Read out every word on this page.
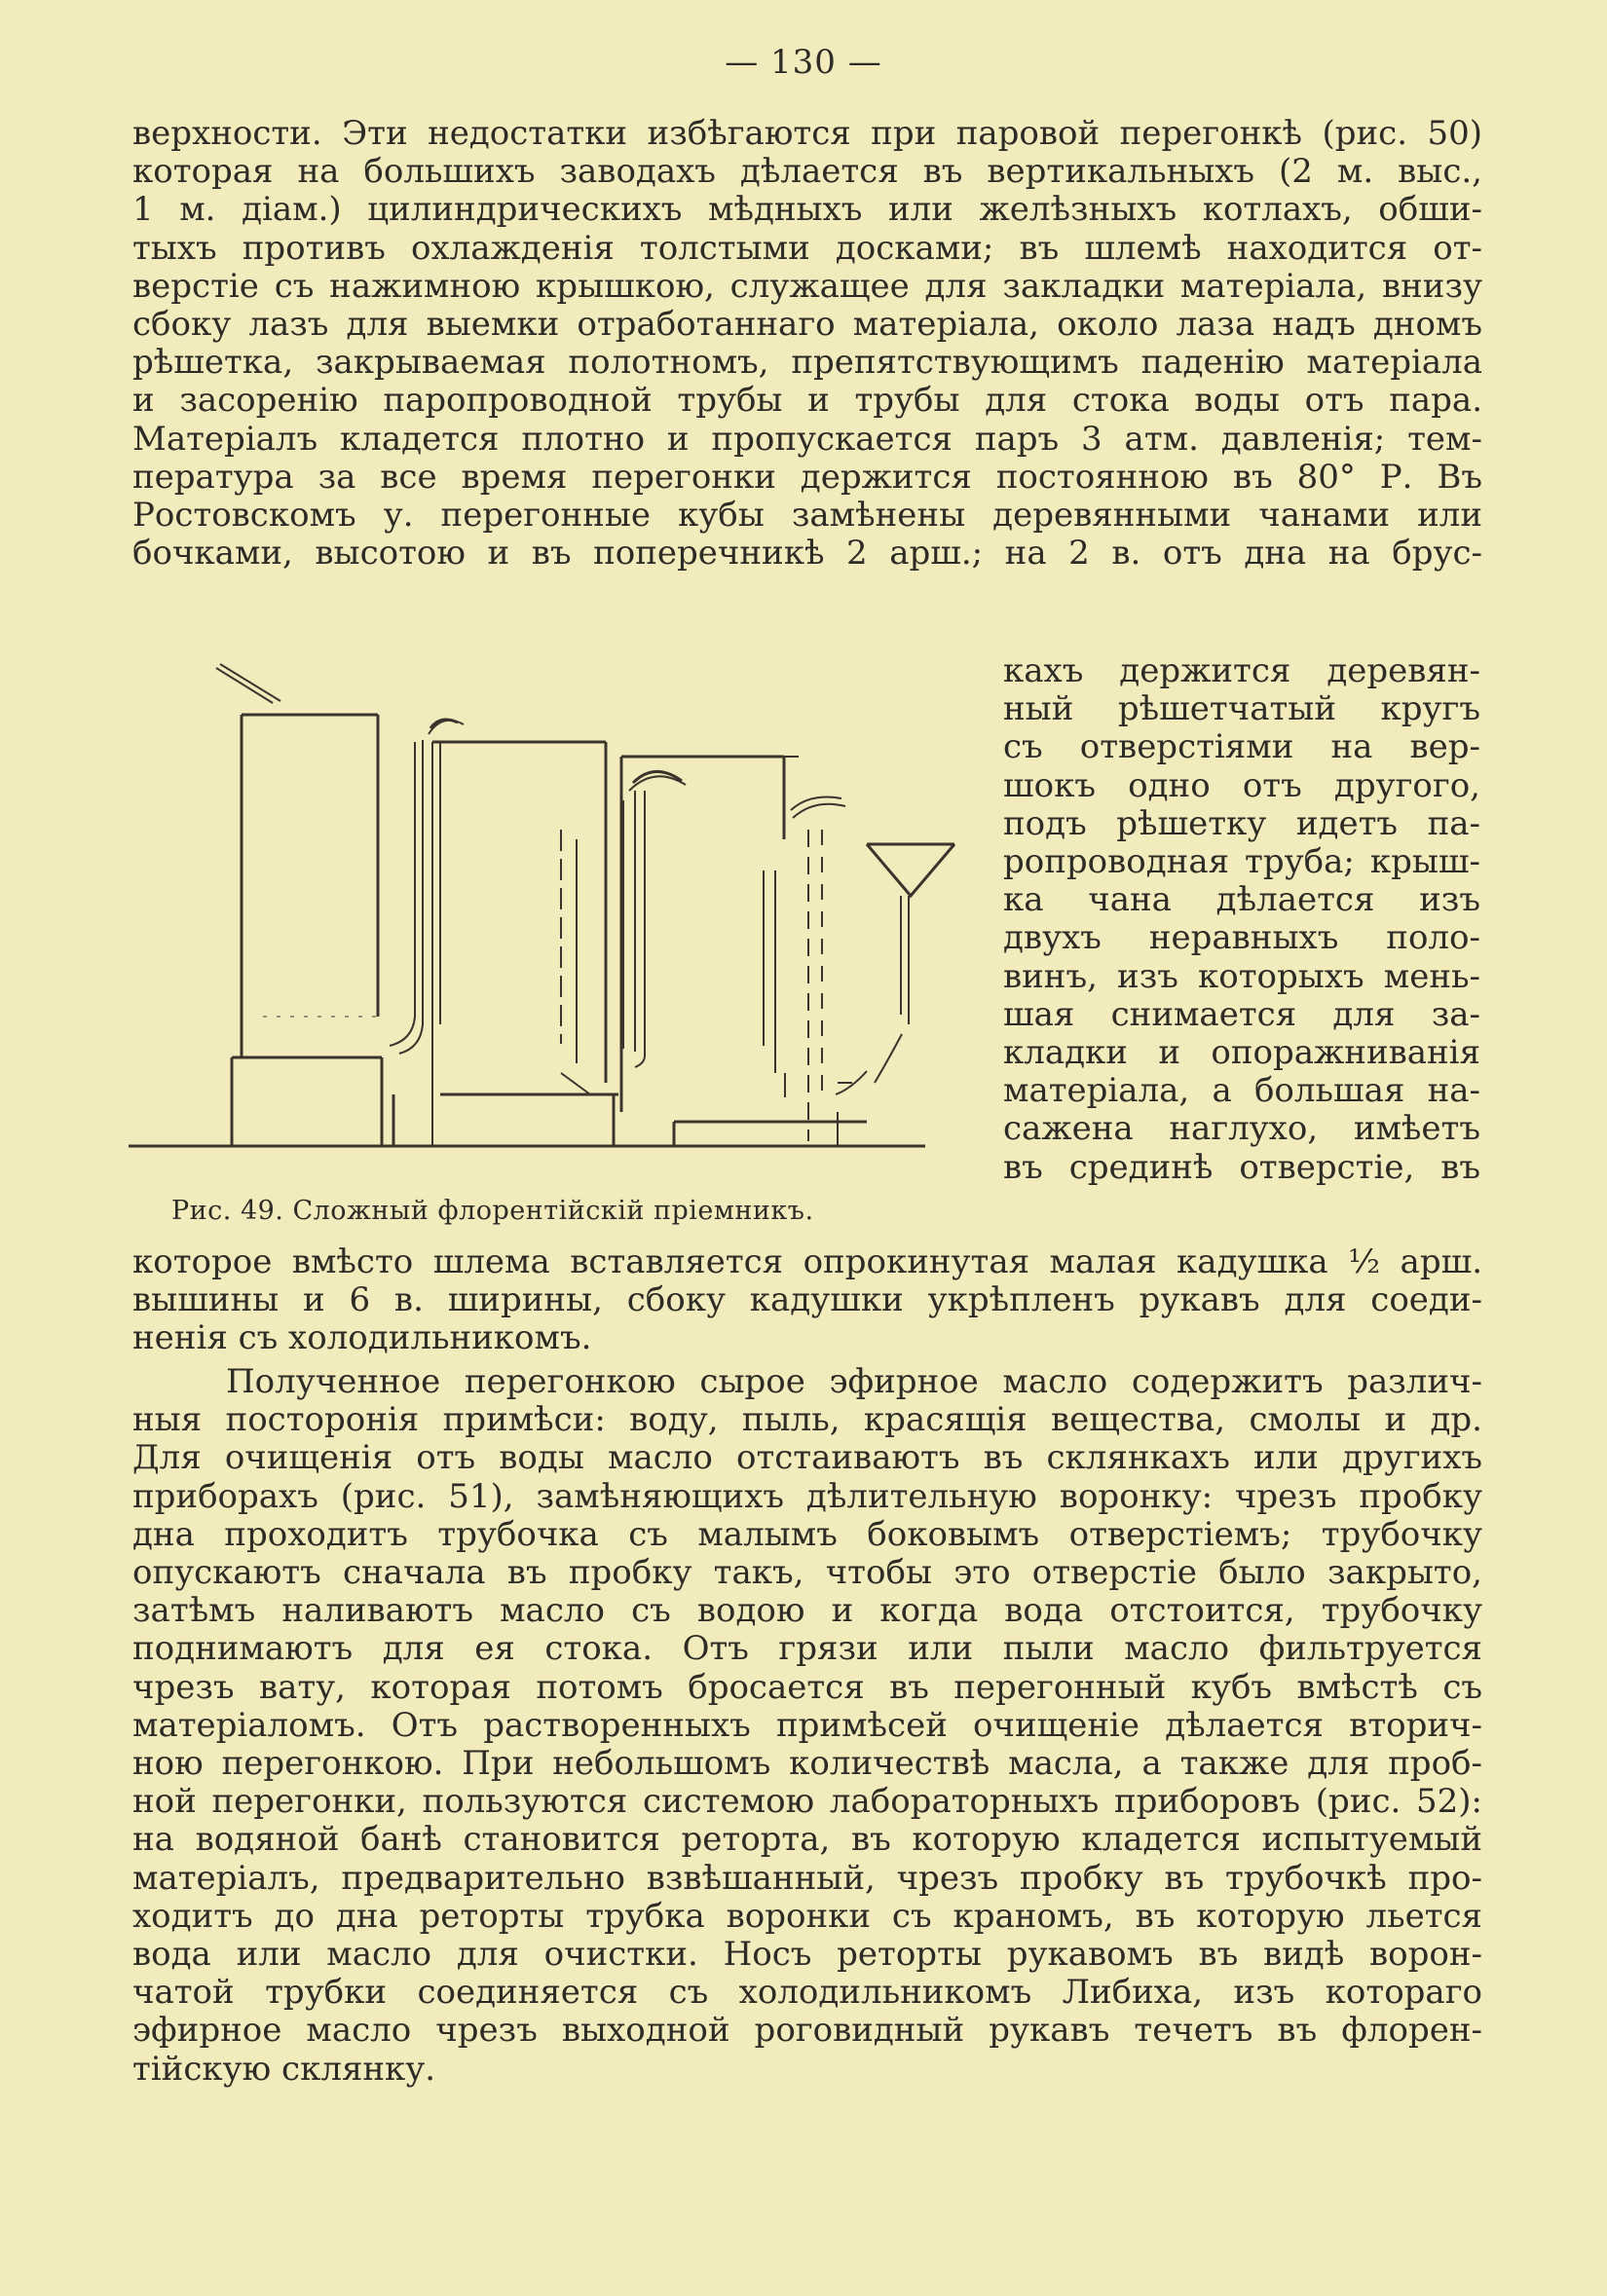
— 130 —
верхности. Эти недостатки избѣгаются при паровой перегонкѣ (рис. 50)
которая на большихъ заводахъ дѣлается въ вертикальныхъ (2 м. выс.,
1 м. діам.) цилиндрическихъ мѣдныхъ или желѣзныхъ котлахъ, обши-
тыхъ противъ охлажденія толстыми досками; въ шлемѣ находится от-
верстіе съ нажимною крышкою, служащее для закладки матеріала, внизу
сбоку лазъ для выемки отработаннаго матеріала, около лаза надъ дномъ
рѣшетка, закрываемая полотномъ, препятствующимъ паденію матеріала
и засоренію паропроводной трубы и трубы для стока воды отъ пара.
Матеріалъ кладется плотно и пропускается паръ 3 атм. давленія; тем-
пература за все время перегонки держится постоянною въ 80° Р. Въ
Ростовскомъ у. перегонные кубы замѣнены деревянными чанами или
бочками, высотою и въ поперечникѣ 2 арш.; на 2 в. отъ дна на брус-
Рис. 49. Сложный флорентійскій пріемникъ.
кахъ держится деревян-
ный рѣшетчатый кругъ
съ отверстіями на вер-
шокъ одно отъ другого,
подъ рѣшетку идетъ па-
ропроводная труба; крыш-
ка чана дѣлается изъ
двухъ неравныхъ поло-
винъ, изъ которыхъ мень-
шая снимается для за-
кладки и опоражниванія
матеріала, а большая на-
сажена наглухо, имѣетъ
въ срединѣ отверстіе, въ
которое вмѣсто шлема вставляется опрокинутая малая кадушка ½ арш.
вышины и 6 в. ширины, сбоку кадушки укрѣпленъ рукавъ для соеди-
ненія съ холодильникомъ.
Полученное перегонкою сырое эфирное масло содержитъ различ-
ныя посторонія примѣси: воду, пыль, красящія вещества, смолы и др.
Для очищенія отъ воды масло отстаиваютъ въ склянкахъ или другихъ
приборахъ (рис. 51), замѣняющихъ дѣлительную воронку: чрезъ пробку
дна проходитъ трубочка съ малымъ боковымъ отверстіемъ; трубочку
опускаютъ сначала въ пробку такъ, чтобы это отверстіе было закрыто,
затѣмъ наливаютъ масло съ водою и когда вода отстоится, трубочку
поднимаютъ для ея стока. Отъ грязи или пыли масло фильтруется
чрезъ вату, которая потомъ бросается въ перегонный кубъ вмѣстѣ съ
матеріаломъ. Отъ растворенныхъ примѣсей очищеніе дѣлается вторич-
ною перегонкою. При небольшомъ количествѣ масла, а также для проб-
ной перегонки, пользуются системою лабораторныхъ приборовъ (рис. 52):
на водяной банѣ становится реторта, въ которую кладется испытуемый
матеріалъ, предварительно взвѣшанный, чрезъ пробку въ трубочкѣ про-
ходитъ до дна реторты трубка воронки съ краномъ, въ которую льется
вода или масло для очистки. Носъ реторты рукавомъ въ видѣ ворон-
чатой трубки соединяется съ холодильникомъ Либиха, изъ котораго
эфирное масло чрезъ выходной роговидный рукавъ течетъ въ флорен-
тійскую склянку.
